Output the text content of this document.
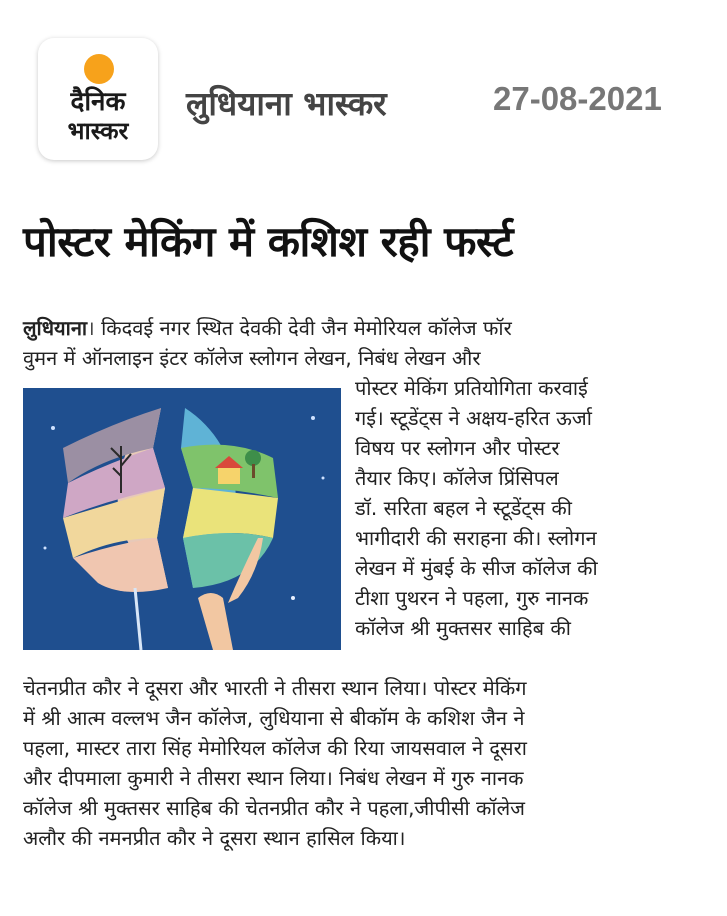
दैनिक
भास्कर
लुधियाना भास्कर	27-08-2021
पोस्टर मेकिंग में कशिश रही फर्स्ट
लुधियाना। किदवई नगर स्थित देवकी देवी जैन मेमोरियल कॉलेज फॉर
वुमन में ऑनलाइन इंटर कॉलेज स्लोगन लेखन, निबंध लेखन और
पोस्टर मेकिंग प्रतियोगिता करवाई
गई। स्टूडेंट्स ने अक्षय-हरित ऊर्जा
विषय पर स्लोगन और पोस्टर
तैयार किए। कॉलेज प्रिंसिपल
डॉ. सरिता बहल ने स्टूडेंट्स की
भागीदारी की सराहना की। स्लोगन
लेखन में मुंबई के सीज कॉलेज की
टीशा पुथरन ने पहला, गुरु नानक
कॉलेज श्री मुक्तसर साहिब की
चेतनप्रीत कौर ने दूसरा और भारती ने तीसरा स्थान लिया। पोस्टर मेकिंग
में श्री आत्म वल्लभ जैन कॉलेज, लुधियाना से बीकॉम के कशिश जैन ने
पहला, मास्टर तारा सिंह मेमोरियल कॉलेज की रिया जायसवाल ने दूसरा
और दीपमाला कुमारी ने तीसरा स्थान लिया। निबंध लेखन में गुरु नानक
कॉलेज श्री मुक्तसर साहिब की चेतनप्रीत कौर ने पहला,जीपीसी कॉलेज
अलौर की नमनप्रीत कौर ने दूसरा स्थान हासिल किया।
